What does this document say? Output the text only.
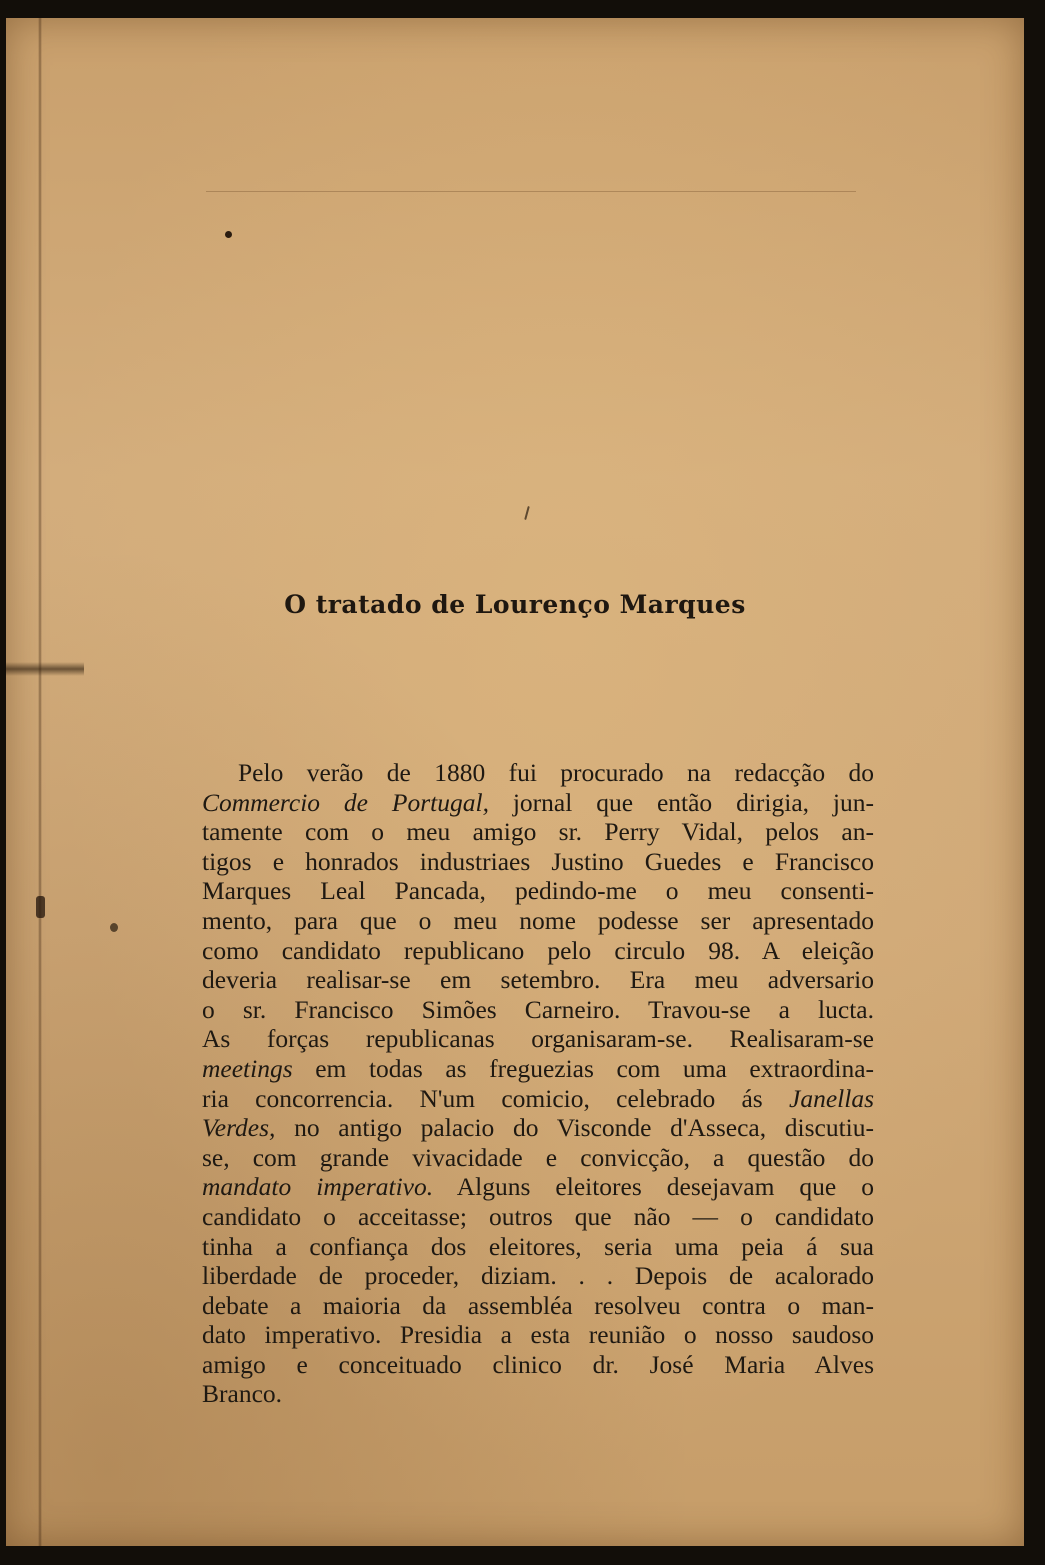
O tratado de Lourenço Marques
Pelo verão de 1880 fui procurado na redacção do
Commercio de Portugal, jornal que então dirigia, jun-
tamente com o meu amigo sr. Perry Vidal, pelos an-
tigos e honrados industriaes Justino Guedes e Francisco
Marques Leal Pancada, pedindo-me o meu consenti-
mento, para que o meu nome podesse ser apresentado
como candidato republicano pelo circulo 98. A eleição
deveria realisar-se em setembro. Era meu adversario
o sr. Francisco Simões Carneiro. Travou-se a lucta.
As forças republicanas organisaram-se. Realisaram-se
meetings em todas as freguezias com uma extraordina-
ria concorrencia. N'um comicio, celebrado ás Janellas
Verdes, no antigo palacio do Visconde d'Asseca, discutiu-
se, com grande vivacidade e convicção, a questão do
mandato imperativo. Alguns eleitores desejavam que o
candidato o acceitasse; outros que não — o candidato
tinha a confiança dos eleitores, seria uma peia á sua
liberdade de proceder, diziam. . . Depois de acalorado
debate a maioria da assembléa resolveu contra o man-
dato imperativo. Presidia a esta reunião o nosso saudoso
amigo e conceituado clinico dr. José Maria Alves
Branco.
